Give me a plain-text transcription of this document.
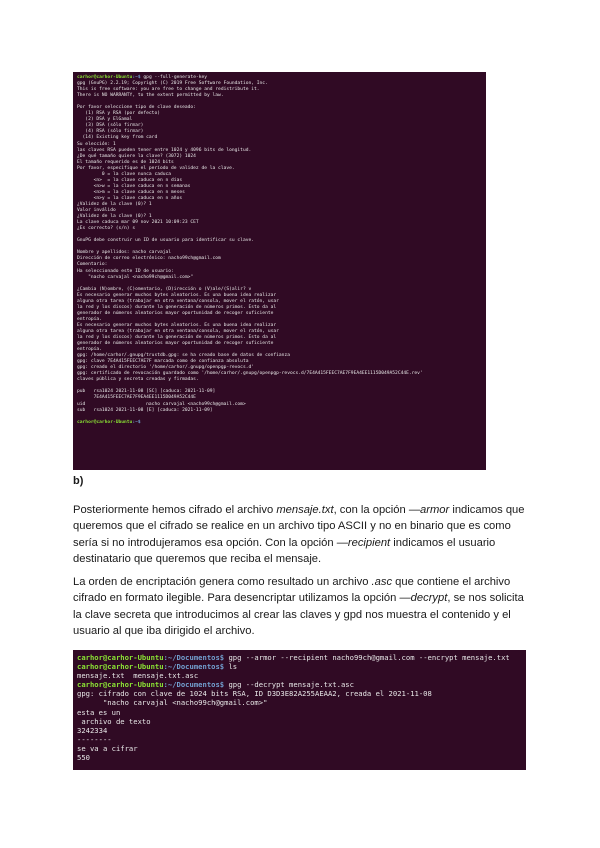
carhor@carhor-Ubuntu:~$ gpg --full-generate-key
gpg (GnuPG) 2.2.19; Copyright (C) 2019 Free Software Foundation, Inc.
This is free software: you are free to change and redistribute it.
There is NO WARRANTY, to the extent permitted by law.
Por favor seleccione tipo de clave deseado:
(1) RSA y RSA (por defecto)
(2) DSA y ElGamal
(3) DSA (sólo firmar)
(4) RSA (sólo firmar)
(14) Existing key from card
Su elección: 1
las claves RSA pueden tener entre 1024 y 4096 bits de longitud.
¿De qué tamaño quiere la clave? (3072) 1024
El tamaño requerido es de 1024 bits
Por favor, especifique el período de validez de la clave.
0 = la clave nunca caduca
<n>  = la clave caduca en n días
<n>w = la clave caduca en n semanas
<n>m = la clave caduca en n meses
<n>y = la clave caduca en n años
¿Validez de la clave (0)? 1
Valor inválido
¿Validez de la clave (0)? 1
La clave caduca mar 09 nov 2021 10:09:23 CET
¿Es correcto? (s/n) s
GnuPG debe construir un ID de usuario para identificar su clave.
Nombre y apellidos: nacho carvajal
Dirección de correo electrónico: nacho99ch@gmail.com
Comentario:
Ha seleccionado este ID de usuario:
"nacho carvajal <nacho99ch@gmail.com>"
¿Cambia (N)ombre, (C)omentario, (D)irección o (V)ale/(S)alir? v
Es necesario generar muchos bytes aleatorios. Es una buena idea realizar
alguna otra tarea (trabajar en otra ventana/consola, mover el ratón, usar
la red y los discos) durante la generación de números primos. Esto da al
generador de números aleatorios mayor oportunidad de recoger suficiente
entropía.
Es necesario generar muchos bytes aleatorios. Es una buena idea realizar
alguna otra tarea (trabajar en otra ventana/consola, mover el ratón, usar
la red y los discos) durante la generación de números primos. Esto da al
generador de números aleatorios mayor oportunidad de recoger suficiente
entropía.
gpg: /home/carhor/.gnupg/trustdb.gpg: se ha creado base de datos de confianza
gpg: clave 7E4A415FEEC7AE7F marcada como de confianza absoluta
gpg: creado el directorio '/home/carhor/.gnupg/openpgp-revocs.d'
gpg: certificado de revocación guardado como '/home/carhor/.gnupg/openpgp-revocs.d/7E4A415FEEC7AE7F9EA4EE1115D049A52C44E.rev'
claves pública y secreta creadas y firmadas.
pub   rsa1024 2021-11-08 [SC] [caduca: 2021-11-09]
7E4A415FEEC7AE7F9EA4EE1115D049A52C44E
uid                      nacho carvajal <nacho99ch@gmail.com>
sub   rsa1024 2021-11-08 [E] [caduca: 2021-11-09]
carhor@carhor-Ubuntu:~$
b)

Posteriormente hemos cifrado el archivo mensaje.txt, con la opción —armor indicamos que queremos que el cifrado se realice en un archivo tipo ASCII y no en binario que es como sería si no introdujeramos esa opción. Con la opción —recipient indicamos el usuario destinatario que queremos que reciba el mensaje.

La orden de encriptación genera como resultado un archivo .asc que contiene el archivo cifrado en formato ilegible. Para desencriptar utilizamos la opción —decrypt, se nos solicita la clave secreta que introducimos al crear las claves y gpd nos muestra el contenido y el usuario al que iba dirigido el archivo.

carhor@carhor-Ubuntu:~/Documentos$ gpg --armor --recipient nacho99ch@gmail.com --encrypt mensaje.txt
carhor@carhor-Ubuntu:~/Documentos$ ls
mensaje.txt  mensaje.txt.asc
carhor@carhor-Ubuntu:~/Documentos$ gpg --decrypt mensaje.txt.asc
gpg: cifrado con clave de 1024 bits RSA, ID D3D3E82A255AEAA2, creada el 2021-11-08
"nacho carvajal <nacho99ch@gmail.com>"
esta es un
archivo de texto
3242334
--------
se va a cifrar
550
